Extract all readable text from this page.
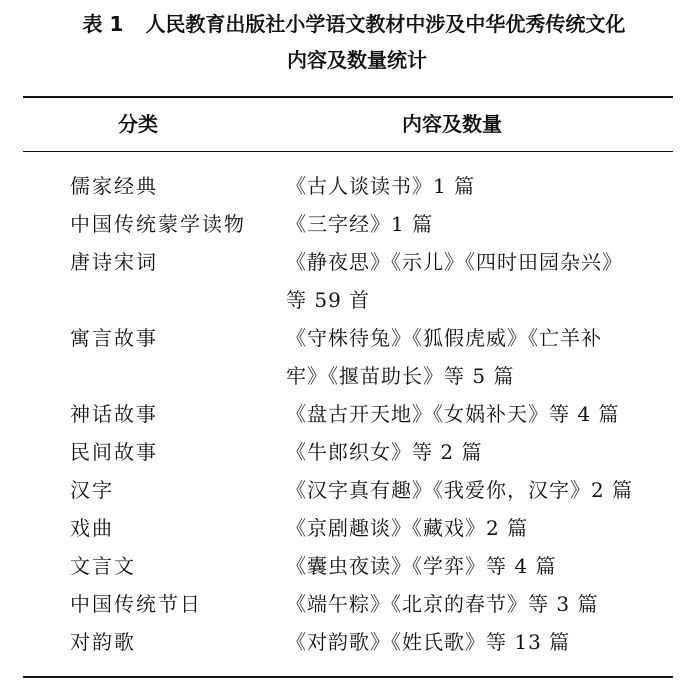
表 1 人民教育出版社小学语文教材中涉及中华优秀传统文化
内容及数量统计
分类	内容及数量
儒家经典	《古人谈读书》1 篇
中国传统蒙学读物 《三字经》1 篇
唐诗宋词	《静夜思》《示儿》《四时田园杂兴》
等 59 首
寓言故事	《守株待兔》《狐假虎威》《亡羊补
牢》《揠苗助长》等 5 篇
神话故事	《盘古开天地》《女娲补天》等 4 篇
民间故事	《牛郎织女》等 2 篇
汉字	《汉字真有趣》《我爱你，汉字》2 篇
戏曲	《京剧趣谈》《藏戏》2 篇
文言文	《囊虫夜读》《学弈》等 4 篇
中国传统节日	《端午粽》《北京的春节》等 3 篇
对韵歌	《对韵歌》《姓氏歌》等 13 篇
